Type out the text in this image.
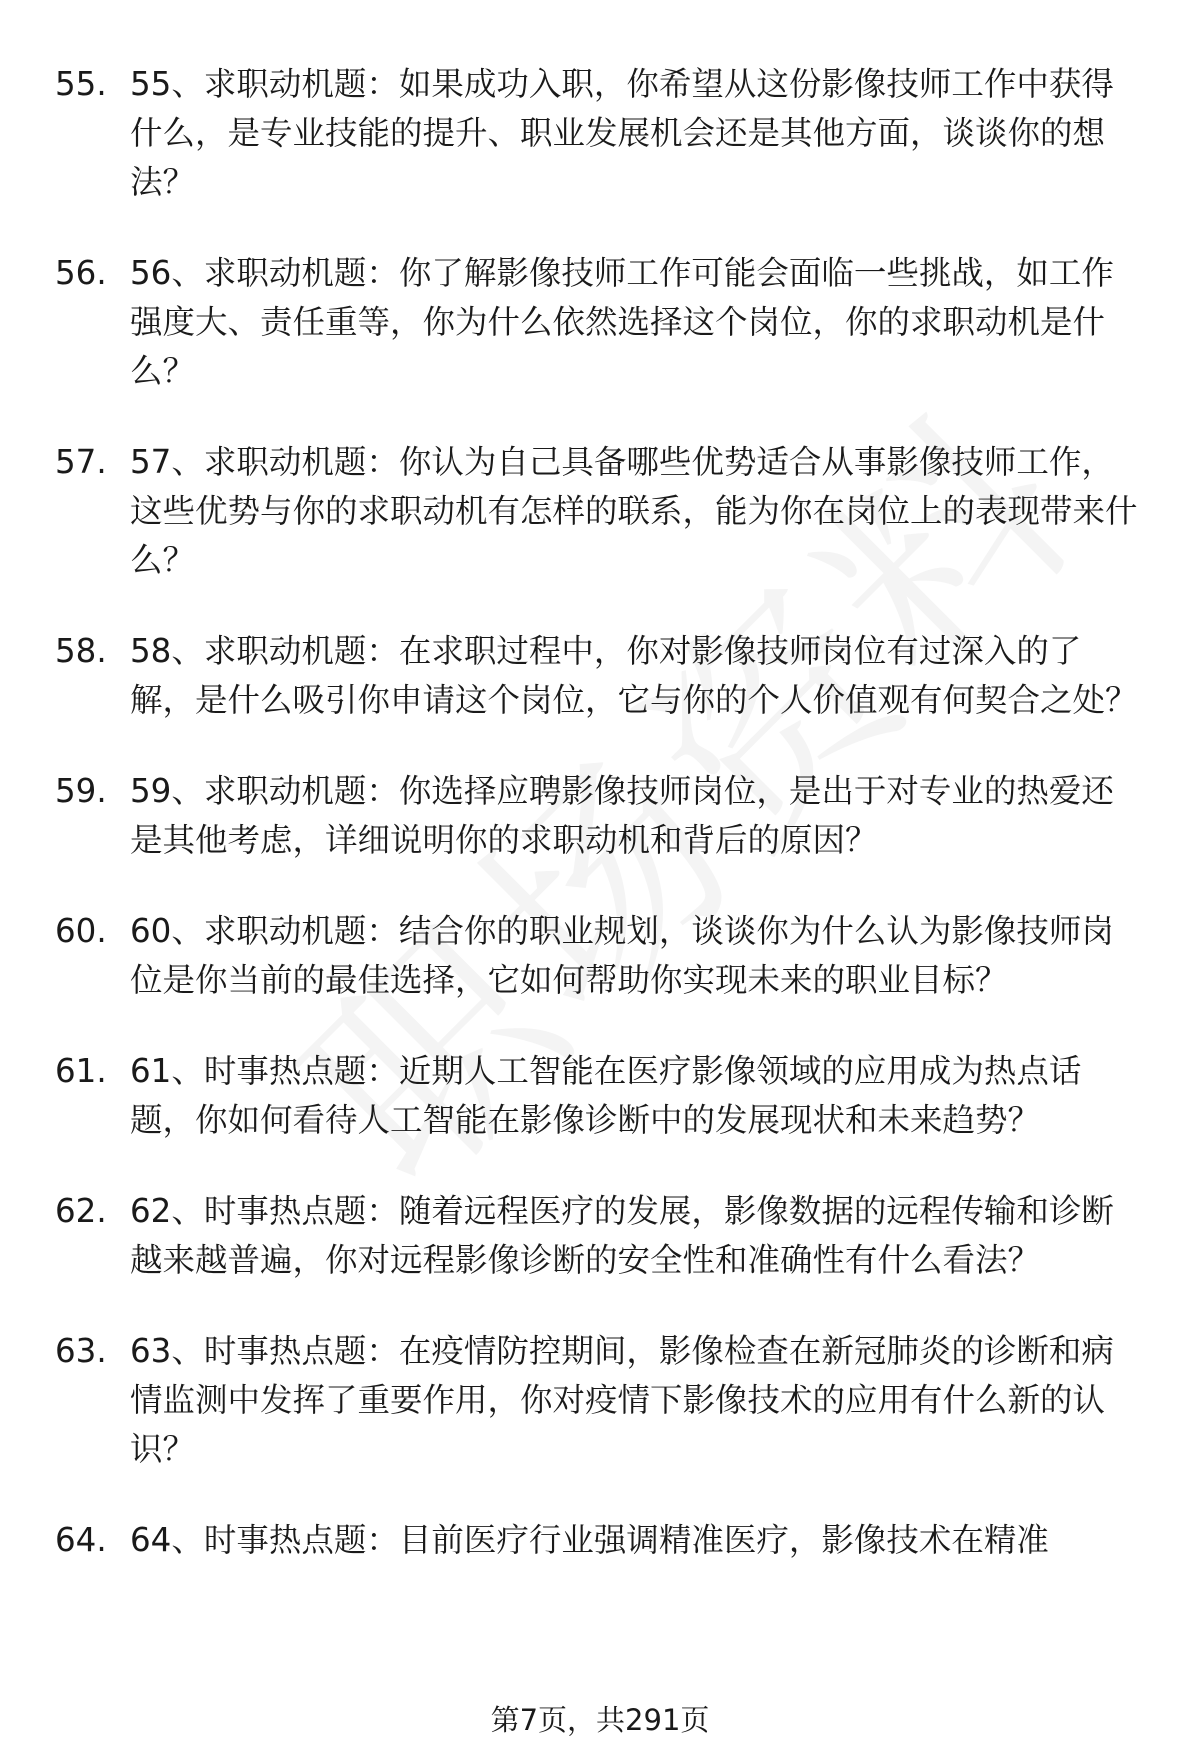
55. 55、求职动机题：如果成功入职，你希望从这份影像技师工作中获得什么，是专业技能的提升、职业发展机会还是其他方面，谈谈你的想法？
56. 56、求职动机题：你了解影像技师工作可能会面临一些挑战，如工作强度大、责任重等，你为什么依然选择这个岗位，你的求职动机是什么？
57. 57、求职动机题：你认为自己具备哪些优势适合从事影像技师工作，这些优势与你的求职动机有怎样的联系，能为你在岗位上的表现带来什么？
58. 58、求职动机题：在求职过程中，你对影像技师岗位有过深入的了解，是什么吸引你申请这个岗位，它与你的个人价值观有何契合之处？
59. 59、求职动机题：你选择应聘影像技师岗位，是出于对专业的热爱还是其他考虑，详细说明你的求职动机和背后的原因？
60. 60、求职动机题：结合你的职业规划，谈谈你为什么认为影像技师岗位是你当前的最佳选择，它如何帮助你实现未来的职业目标？
61. 61、时事热点题：近期人工智能在医疗影像领域的应用成为热点话题，你如何看待人工智能在影像诊断中的发展现状和未来趋势？
62. 62、时事热点题：随着远程医疗的发展，影像数据的远程传输和诊断越来越普遍，你对远程影像诊断的安全性和准确性有什么看法？
63. 63、时事热点题：在疫情防控期间，影像检查在新冠肺炎的诊断和病情监测中发挥了重要作用，你对疫情下影像技术的应用有什么新的认识？
64. 64、时事热点题：目前医疗行业强调精准医疗，影像技术在精准
第7页，共291页
